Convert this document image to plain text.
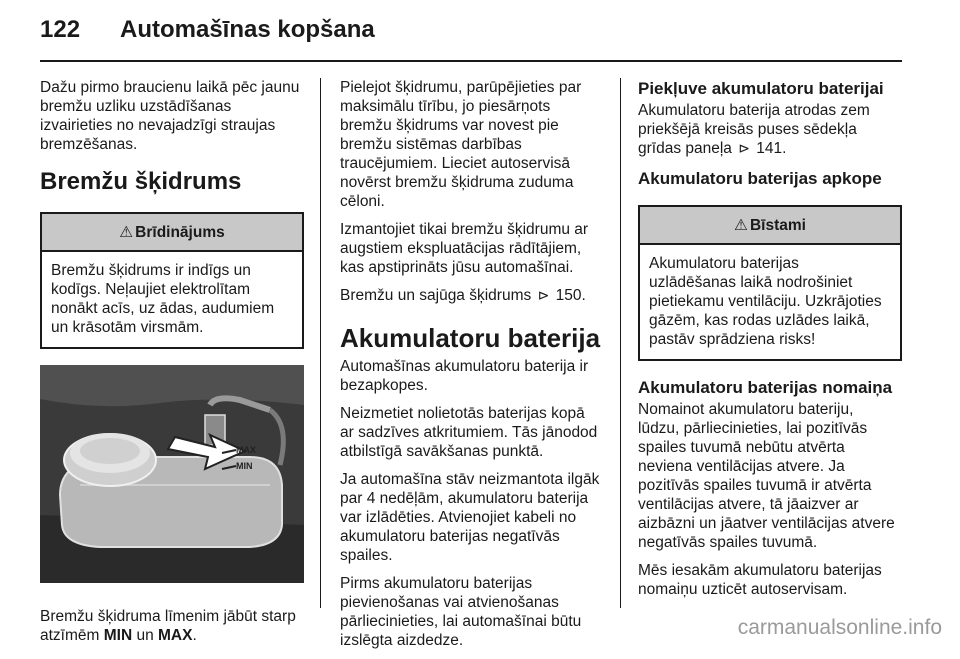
122 Automašīnas kopšana

Dažu pirmo braucienu laikā pēc jaunu
bremžu uzliku uzstādīšanas
izvairieties no nevajadzīgi straujas
bremzēšanas.

Bremžu šķidrums
⚠ Brīdinājums
Bremžu šķidrums ir indīgs un
kodīgs. Neļaujiet elektrolītam
nonākt acīs, uz ādas, audumiem
un krāsotām virsmām.
MAX
MIN

Bremžu šķidruma līmenim jābūt starp
atzīmēm MIN un MAX.

Pielejot šķidrumu, parūpējieties par
maksimālu tīrību, jo piesārņots
bremžu šķidrums var novest pie
bremžu sistēmas darbības
traucējumiem. Lieciet autoservisā
novērst bremžu šķidruma zuduma
cēloni.

Izmantojiet tikai bremžu šķidrumu ar
augstiem ekspluatācijas rādītājiem,
kas apstiprināts jūsu automašīnai.

Bremžu un sajūga šķidrums ⊳ 150.

Akumulatoru baterija

Automašīnas akumulatoru baterija ir
bezapkopes.

Neizmetiet nolietotās baterijas kopā
ar sadzīves atkritumiem. Tās jānodod
atbilstīgā savākšanas punktā.

Ja automašīna stāv neizmantota ilgāk
par 4 nedēļām, akumulatoru baterija
var izlādēties. Atvienojiet kabeli no
akumulatoru baterijas negatīvās
spailes.

Pirms akumulatoru baterijas
pievienošanas vai atvienošanas
pārliecinieties, lai automašīnai būtu
izslēgta aizdedze.

Piekļuve akumulatoru baterijai

Akumulatoru baterija atrodas zem
priekšējā kreisās puses sēdekļa
grīdas paneļa ⊳ 141.

Akumulatoru baterijas apkope
⚠ Bīstami
Akumulatoru baterijas
uzlādēšanas laikā nodrošiniet
pietiekamu ventilāciju. Uzkrājoties
gāzēm, kas rodas uzlādes laikā,
pastāv sprādziena risks!
Akumulatoru baterijas nomaiņa

Nomainot akumulatoru bateriju,
lūdzu, pārliecinieties, lai pozitīvās
spailes tuvumā nebūtu atvērta
neviena ventilācijas atvere. Ja
pozitīvās spailes tuvumā ir atvērta
ventilācijas atvere, tā jāaizver ar
aizbāzni un jāatver ventilācijas atvere
negatīvās spailes tuvumā.

Mēs iesakām akumulatoru baterijas
nomaiņu uzticēt autoservisam.

carmanualsonline.info
